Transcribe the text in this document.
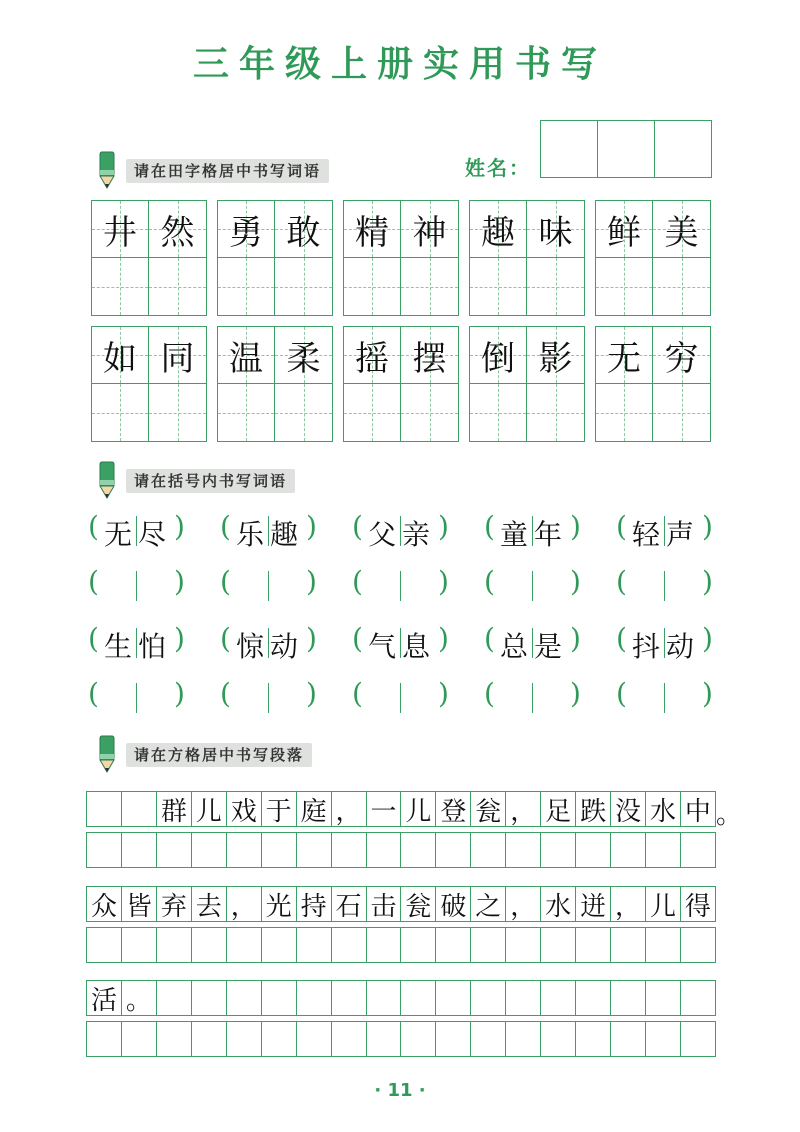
三年级上册实用书写
请在田字格居中书写词语	姓名：
井 然	勇 敢	精 神	趣 味	鲜 美
如 同	温 柔	摇 摆	倒 影	无 穷
请在括号内书写词语
( 无 尽 ) ( 乐 趣 ) ( 父 亲 ) ( 童 年 ) ( 轻 声 )
(	) (	) (	) (	) (	)
( 生 怕 ) ( 惊 动 ) ( 气 息 ) ( 总 是 ) ( 抖 动 )
(	) (	) (	) (	) (	)
请在方格居中书写段落
群 儿 戏 于 庭 ， 一 儿 登 瓮 ， 足 跌 没 水 中 。
众 皆 弃 去 ， 光 持 石 击 瓮 破 之 ， 水 迸 ， 儿 得
活 。
· 11 ·
